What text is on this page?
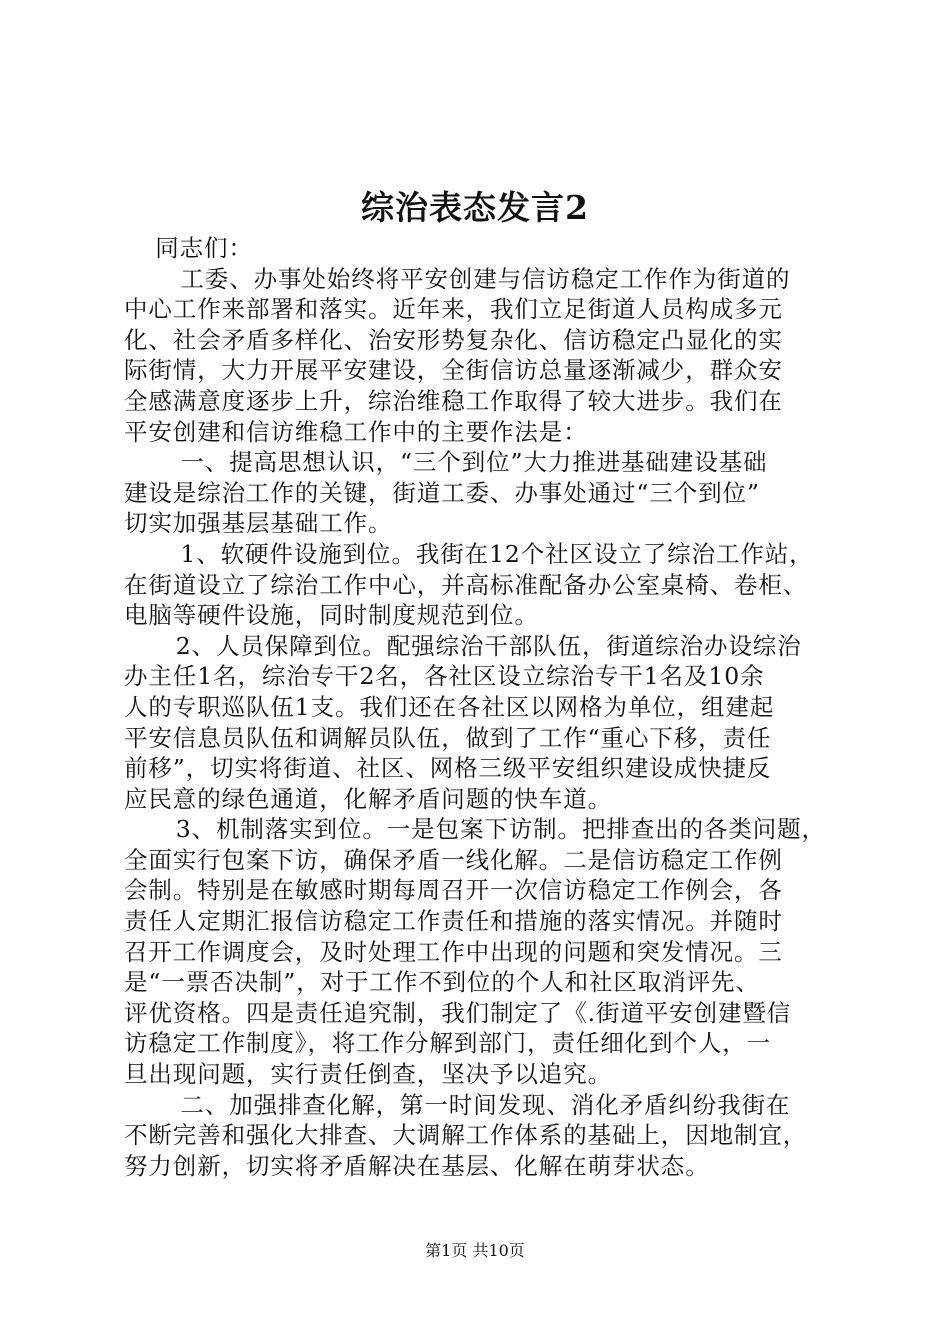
综治表态发言2
同志们：
工委、办事处始终将平安创建与信访稳定工作作为街道的
中心工作来部署和落实。近年来，我们立足街道人员构成多元
化、社会矛盾多样化、治安形势复杂化、信访稳定凸显化的实
际街情，大力开展平安建设，全街信访总量逐渐减少，群众安
全感满意度逐步上升，综治维稳工作取得了较大进步。我们在
平安创建和信访维稳工作中的主要作法是：
一、提高思想认识，“三个到位”大力推进基础建设基础
建设是综治工作的关键，街道工委、办事处通过“三个到位”
切实加强基层基础工作。
1、软硬件设施到位。我街在12个社区设立了综治工作站，
在街道设立了综治工作中心，并高标准配备办公室桌椅、卷柜、
电脑等硬件设施，同时制度规范到位。
2、人员保障到位。配强综治干部队伍，街道综治办设综治
办主任1名，综治专干2名，各社区设立综治专干1名及10余
人的专职巡队伍1支。我们还在各社区以网格为单位，组建起
平安信息员队伍和调解员队伍，做到了工作“重心下移，责任
前移”，切实将街道、社区、网格三级平安组织建设成快捷反
应民意的绿色通道，化解矛盾问题的快车道。
3、机制落实到位。一是包案下访制。把排查出的各类问题，
全面实行包案下访，确保矛盾一线化解。二是信访稳定工作例
会制。特别是在敏感时期每周召开一次信访稳定工作例会，各
责任人定期汇报信访稳定工作责任和措施的落实情况。并随时
召开工作调度会，及时处理工作中出现的问题和突发情况。三
是“一票否决制”，对于工作不到位的个人和社区取消评先、
评优资格。四是责任追究制，我们制定了《.街道平安创建暨信
访稳定工作制度》，将工作分解到部门，责任细化到个人，一
旦出现问题，实行责任倒查，坚决予以追究。
二、加强排查化解，第一时间发现、消化矛盾纠纷我街在
不断完善和强化大排查、大调解工作体系的基础上，因地制宜，
努力创新，切实将矛盾解决在基层、化解在萌芽状态。
第1页 共10页
